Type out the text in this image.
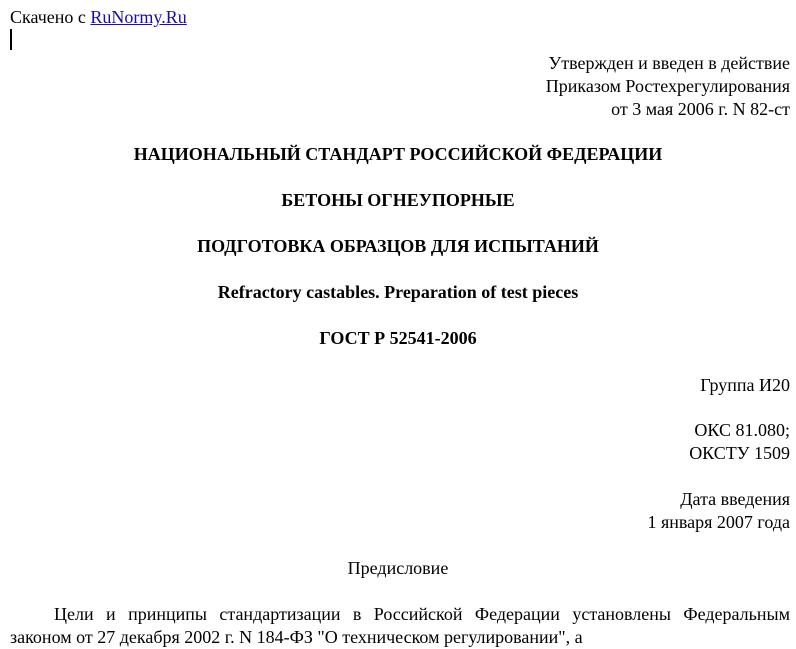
Скачено с RuNormy.Ru
Утвержден и введен в действие
Приказом Ростехрегулирования
от 3 мая 2006 г. N 82-ст
НАЦИОНАЛЬНЫЙ СТАНДАРТ РОССИЙСКОЙ ФЕДЕРАЦИИ
БЕТОНЫ ОГНЕУПОРНЫЕ
ПОДГОТОВКА ОБРАЗЦОВ ДЛЯ ИСПЫТАНИЙ
Refractory castables. Preparation of test pieces
ГОСТ Р 52541-2006
Группа И20
ОКС 81.080;
ОКСТУ 1509
Дата введения
1 января 2007 года
Предисловие
Цели и принципы стандартизации в Российской Федерации установлены Федеральным законом от 27 декабря 2002 г. N 184-ФЗ "О техническом регулировании", а
